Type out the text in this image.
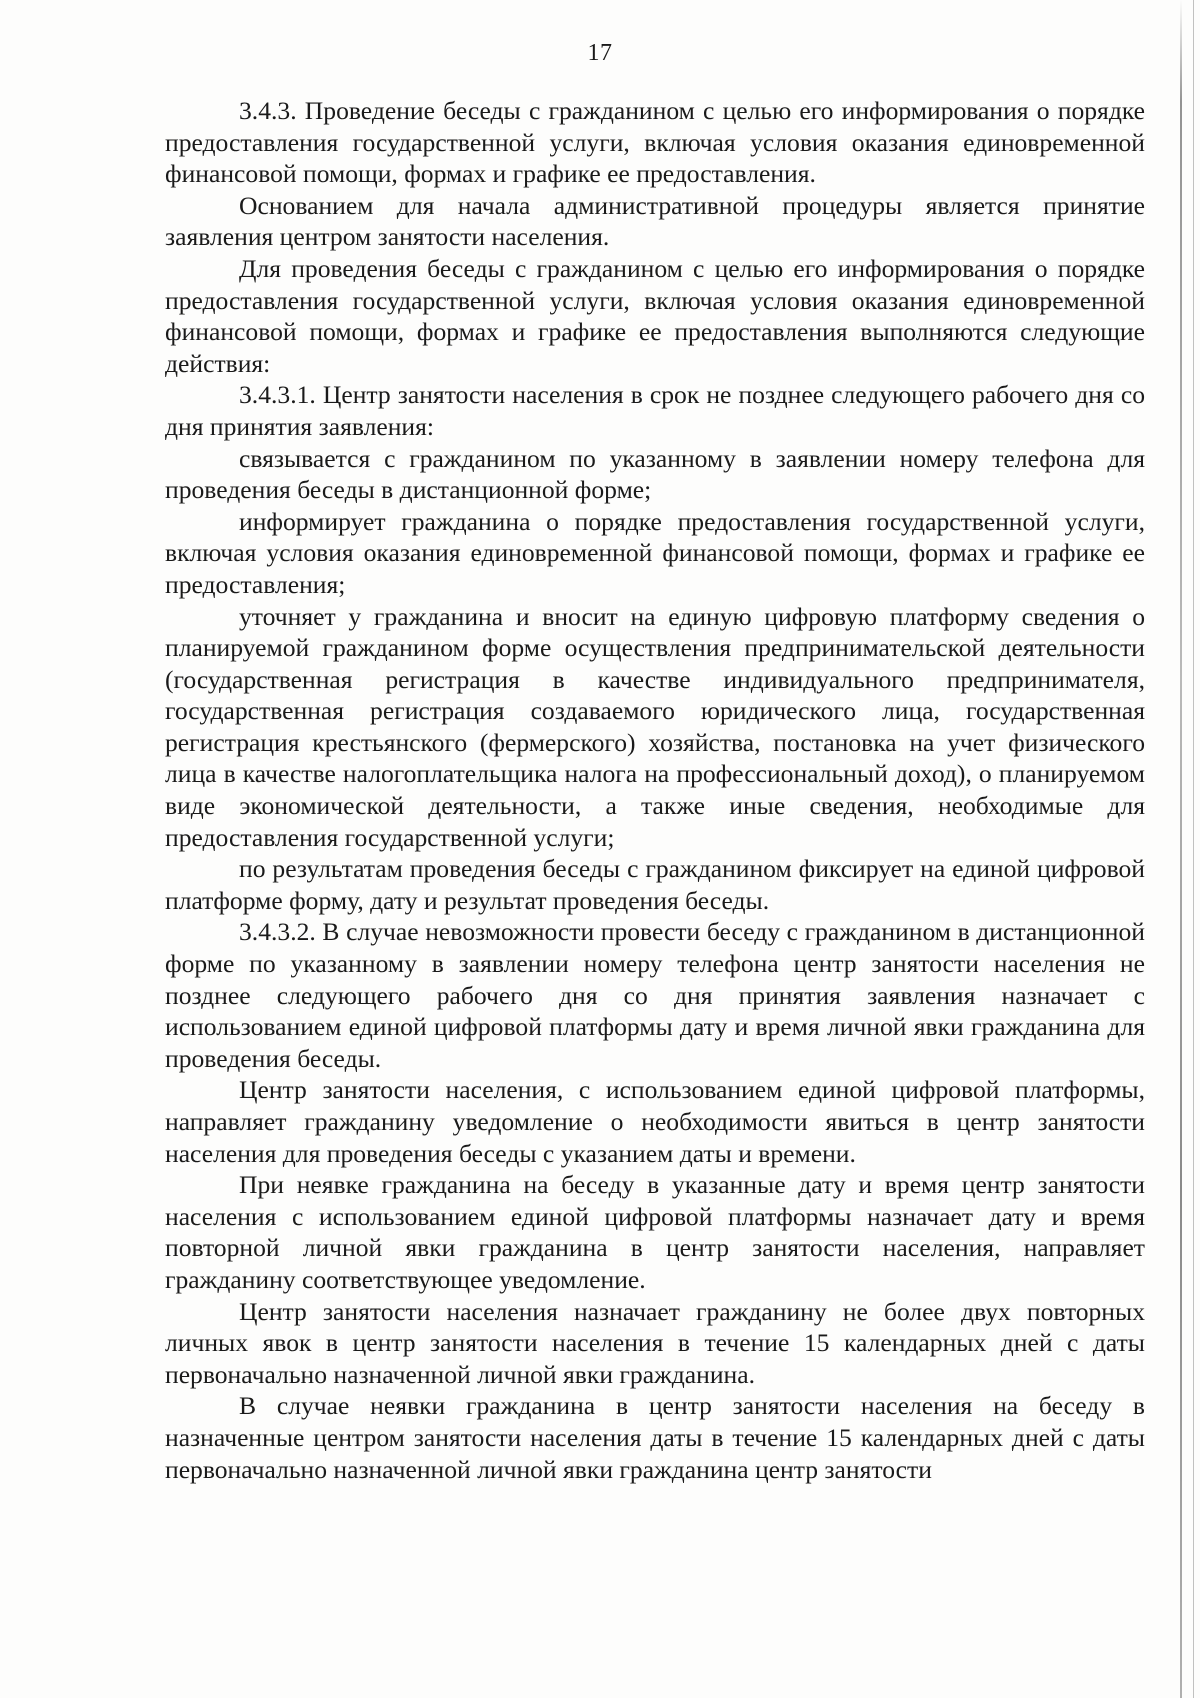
17

3.4.3. Проведение беседы с гражданином с целью его информирования о порядке предоставления государственной услуги, включая условия оказания единовременной финансовой помощи, формах и графике ее предоставления.

Основанием для начала административной процедуры является принятие заявления центром занятости населения.

Для проведения беседы с гражданином с целью его информирования о порядке предоставления государственной услуги, включая условия оказания единовременной финансовой помощи, формах и графике ее предоставления выполняются следующие действия:

3.4.3.1. Центр занятости населения в срок не позднее следующего рабочего дня со дня принятия заявления:

связывается с гражданином по указанному в заявлении номеру телефона для проведения беседы в дистанционной форме;

информирует гражданина о порядке предоставления государственной услуги, включая условия оказания единовременной финансовой помощи, формах и графике ее предоставления;

уточняет у гражданина и вносит на единую цифровую платформу сведения о планируемой гражданином форме осуществления предпринимательской деятельности (государственная регистрация в качестве индивидуального предпринимателя, государственная регистрация создаваемого юридического лица, государственная регистрация крестьянского (фермерского) хозяйства, постановка на учет физического лица в качестве налогоплательщика налога на профессиональный доход), о планируемом виде экономической деятельности, а также иные сведения, необходимые для предоставления государственной услуги;

по результатам проведения беседы с гражданином фиксирует на единой цифровой платформе форму, дату и результат проведения беседы.

3.4.3.2. В случае невозможности провести беседу с гражданином в дистанционной форме по указанному в заявлении номеру телефона центр занятости населения не позднее следующего рабочего дня со дня принятия заявления назначает с использованием единой цифровой платформы дату и время личной явки гражданина для проведения беседы.

Центр занятости населения, с использованием единой цифровой платформы, направляет гражданину уведомление о необходимости явиться в центр занятости населения для проведения беседы с указанием даты и времени.

При неявке гражданина на беседу в указанные дату и время центр занятости населения с использованием единой цифровой платформы назначает дату и время повторной личной явки гражданина в центр занятости населения, направляет гражданину соответствующее уведомление.

Центр занятости населения назначает гражданину не более двух повторных личных явок в центр занятости населения в течение 15 календарных дней с даты первоначально назначенной личной явки гражданина.

В случае неявки гражданина в центр занятости населения на беседу в назначенные центром занятости населения даты в течение 15 календарных дней с даты первоначально назначенной личной явки гражданина центр занятости
